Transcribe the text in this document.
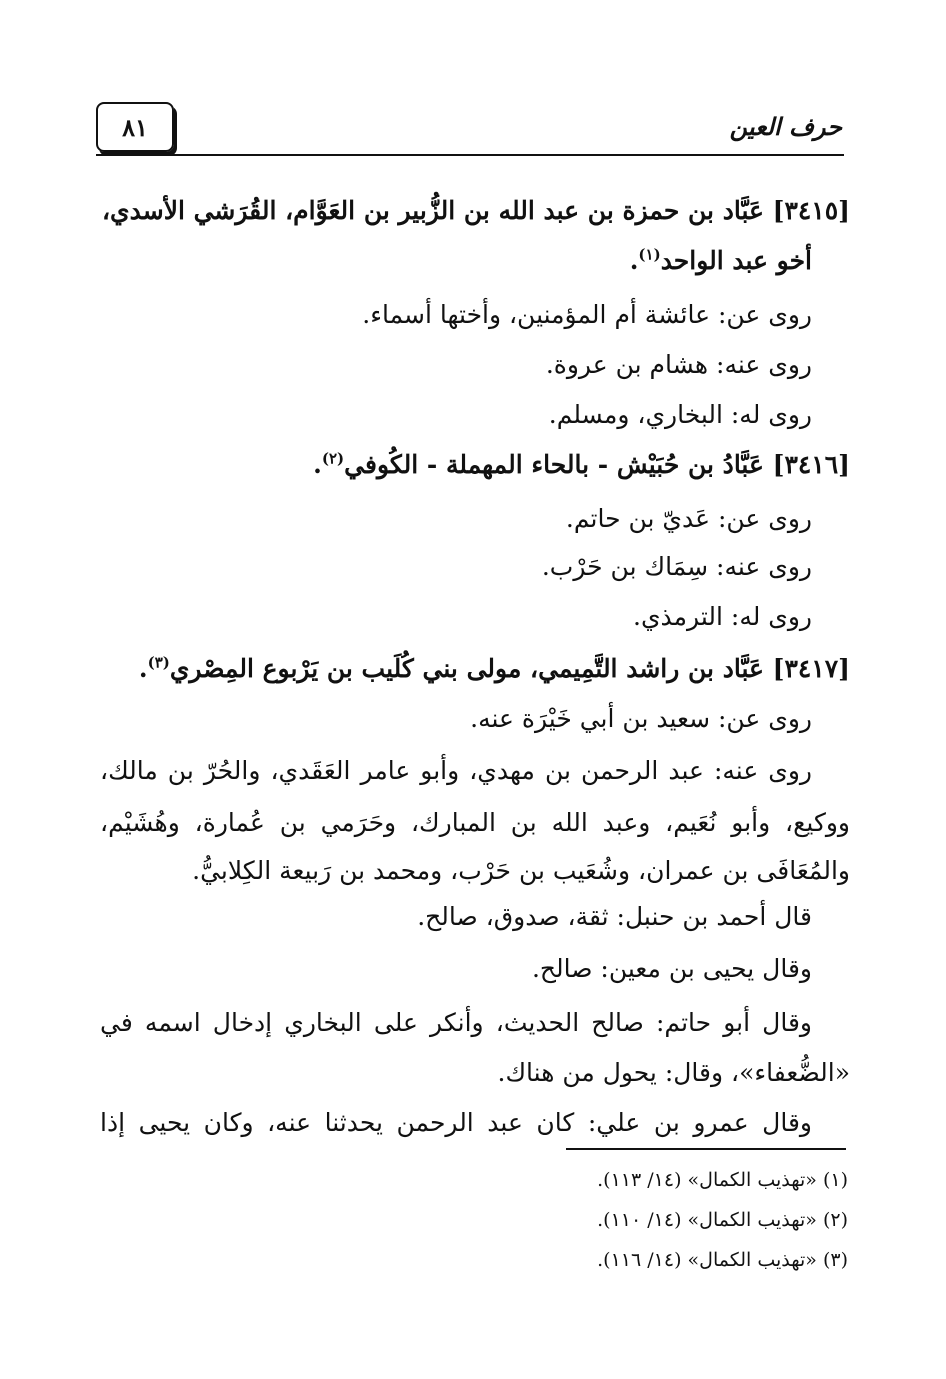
٨١	حرف العين
[٣٤١٥] عَبَّاد بن حمزة بن عبد الله بن الزُّبير بن العَوَّام، القُرَشي الأسدي،
أخو عبد الواحد$^{(١)}$.
روى عن: عائشة أم المؤمنين، وأختها أسماء.
روى عنه: هشام بن عروة.
روى له: البخاري، ومسلم.
[٣٤١٦] عَبَّادُ بن حُبَيْش - بالحاء المهملة - الكُوفي$^{(٢)}$.
روى عن: عَديّ بن حاتم.
روى عنه: سِمَاك بن حَرْب.
روى له: الترمذي.
[٣٤١٧] عَبَّاد بن راشد التَّمِيمي، مولى بني كُلَيب بن يَرْبوع المِصْري$^{(٣)}$.
روى عن: سعيد بن أبي خَيْرَة عنه.
روى عنه: عبد الرحمن بن مهدي، وأبو عامر العَقَدي، والحُرّ بن مالك،
ووكيع، وأبو نُعَيم، وعبد الله بن المبارك، وحَرَمي بن عُمارة، وهُشَيْم،
والمُعَافَى بن عمران، وشُعَيب بن حَرْب، ومحمد بن رَبيعة الكِلابيُّ.
قال أحمد بن حنبل: ثقة، صدوق، صالح.
وقال يحيى بن معين: صالح.
وقال أبو حاتم: صالح الحديث، وأنكر على البخاري إدخال اسمه في
«الضُّعفاء»، وقال: يحول من هناك.
وقال عمرو بن علي: كان عبد الرحمن يحدثنا عنه، وكان يحيى إذا
(١) «تهذيب الكمال» (١٤/ ١١٣).
(٢) «تهذيب الكمال» (١٤/ ١١٠).
(٣) «تهذيب الكمال» (١٤/ ١١٦).
